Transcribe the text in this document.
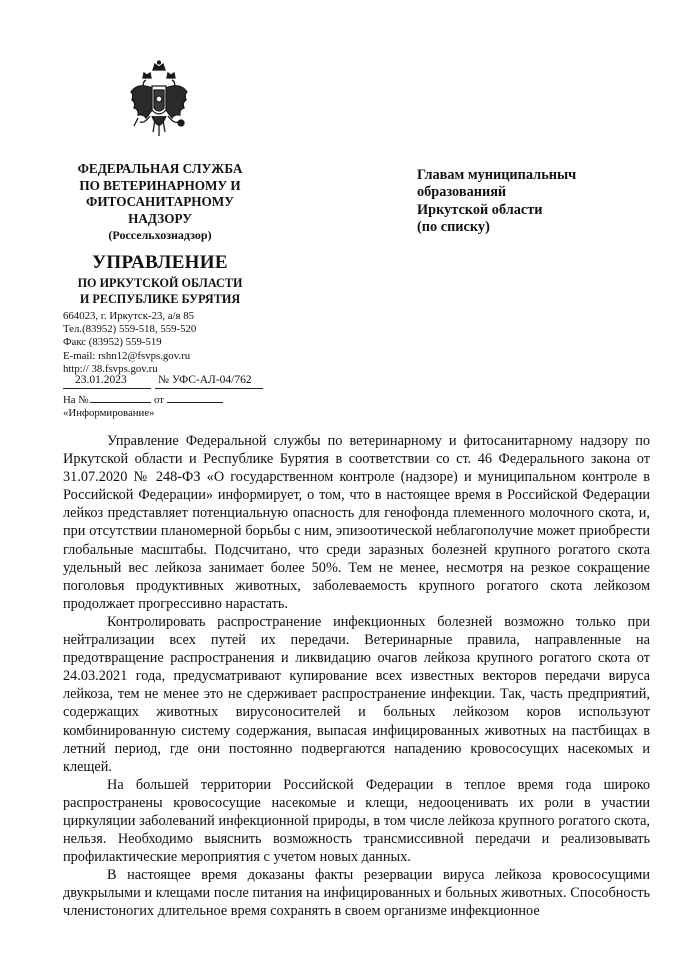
ФЕДЕРАЛЬНАЯ СЛУЖБА
ПО ВЕТЕРИНАРНОМУ И
ФИТОСАНИТАРНОМУ
НАДЗОРУ
(Россельхознадзор)
УПРАВЛЕНИЕ
ПО ИРКУТСКОЙ ОБЛАСТИ
И РЕСПУБЛИКЕ БУРЯТИЯ
664023, г. Иркутск-23, а/я 85
Тел.(83952) 559-518, 559-520
Факс (83952) 559-519
E-mail: rshn12@fsvps.gov.ru
http:// 38.fsvps.gov.ru
23.01.2023	№ УФС-АЛ-04/762
На №.	от
«Информирование»
Главам муниципальныч
образованияй
Иркутской области
(по списку)

Управление Федеральной службы по ветеринарному и фитосанитарному надзору по Иркутской области и Республике Бурятия в соответствии со ст. 46 Федерального закона от 31.07.2020 № 248-ФЗ «О государственном контроле (надзоре) и муниципальном контроле в Российской Федерации» информирует, о том, что в настоящее время в Российской Федерации лейкоз представляет потенциальную опасность для генофонда племенного молочного скота, и, при отсутствии планомерной борьбы с ним, эпизоотической неблагополучие может приобрести глобальные масштабы. Подсчитано, что среди заразных болезней крупного рогатого скота удельный вес лейкоза занимает более 50%. Тем не менее, несмотря на резкое сокращение поголовья продуктивных животных, заболеваемость крупного рогатого скота лейкозом продолжает прогрессивно нарастать.

Контролировать распространение инфекционных болезней возможно только при нейтрализации всех путей их передачи. Ветеринарные правила, направленные на предотвращение распространения и ликвидацию очагов лейкоза крупного рогатого скота от 24.03.2021 года, предусматривают купирование всех известных векторов передачи вируса лейкоза, тем не менее это не сдерживает распространение инфекции. Так, часть предприятий, содержащих животных вирусоносителей и больных лейкозом коров используют комбинированную систему содержания, выпасая инфицированных животных на пастбищах в летний период, где они постоянно подвергаются нападению кровососущих насекомых и клещей.

На большей территории Российской Федерации в теплое время года широко распространены кровососущие насекомые и клещи, недооценивать их роли в участии циркуляции заболеваний инфекционной природы, в том числе лейкоза крупного рогатого скота, нельзя. Необходимо выяснить возможность трансмиссивной передачи и реализовывать профилактические мероприятия с учетом новых данных.

В настоящее время доказаны факты резервации вируса лейкоза кровососущими двукрылыми и клещами после питания на инфицированных и больных животных. Способность членистоногих длительное время сохранять в своем организме инфекционное
